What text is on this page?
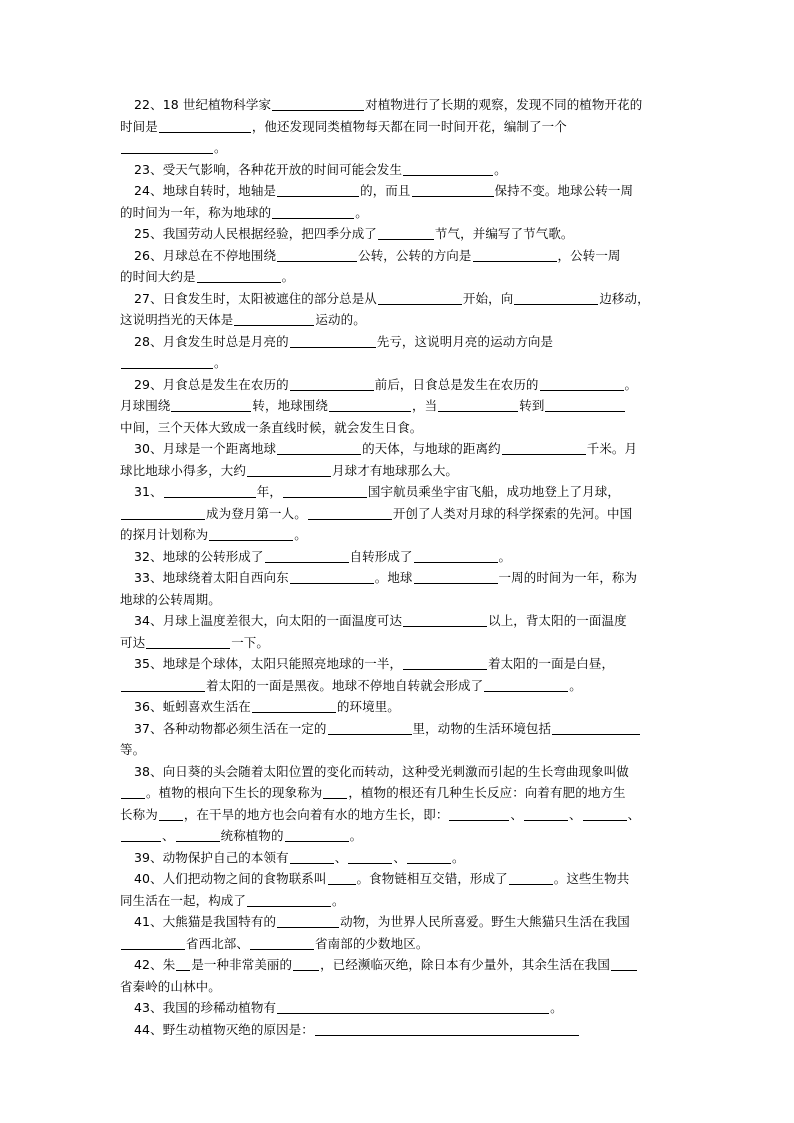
22、18 世纪植物科学家	对植物进行了长期的观察，发现不同的植物开花的
时间是	，他还发现同类植物每天都在同一时间开花，编制了一个
。
23、受天气影响，各种花开放的时间可能会发生	。
24、地球自转时，地轴是	的，而且	保持不变。地球公转一周
的时间为一年，称为地球的	。
25、我国劳动人民根据经验，把四季分成了	节气，并编写了节气歌。
26、月球总在不停地围绕	公转，公转的方向是	，公转一周
的时间大约是	。
27、日食发生时，太阳被遮住的部分总是从	开始，向	边移动，
这说明挡光的天体是	运动的。
28、月食发生时总是月亮的	先亏，这说明月亮的运动方向是
。
29、月食总是发生在农历的	前后，日食总是发生在农历的	。
月球围绕	转，地球围绕	，当	转到
中间，三个天体大致成一条直线时候，就会发生日食。
30、月球是一个距离地球	的天体，与地球的距离约	千米。月
球比地球小得多，大约	月球才有地球那么大。
31、	年，	国宇航员乘坐宇宙飞船，成功地登上了月球，
成为登月第一人。	开创了人类对月球的科学探索的先河。中国
的探月计划称为	。
32、地球的公转形成了	自转形成了	。
33、地球绕着太阳自西向东	。地球	一周的时间为一年，称为
地球的公转周期。
34、月球上温度差很大，向太阳的一面温度可达	以上，背太阳的一面温度
可达	一下。
35、地球是个球体，太阳只能照亮地球的一半，	着太阳的一面是白昼，
着太阳的一面是黑夜。地球不停地自转就会形成了	。
36、蚯蚓喜欢生活在	的环境里。
37、各种动物都必须生活在一定的	里，动物的生活环境包括
等。
38、向日葵的头会随着太阳位置的变化而转动，这种受光刺激而引起的生长弯曲现象叫做
。植物的根向下生长的现象称为 ，植物的根还有几种生长反应：向着有肥的地方生
长称为 ，在干旱的地方也会向着有水的地方生长，即：	、	、	、
、	统称植物的	。
39、动物保护自己的本领有	、	、	。
40、人们把动物之间的食物联系叫 。食物链相互交错，形成了	。这些生物共
同生活在一起，构成了	。
41、大熊猫是我国特有的	动物，为世界人民所喜爱。野生大熊猫只生活在我国
省西北部、	省南部的少数地区。
42、朱 是一种非常美丽的 ，已经濒临灭绝，除日本有少量外，其余生活在我国
省秦岭的山林中。
43、我国的珍稀动植物有	。
44、野生动植物灭绝的原因是：
